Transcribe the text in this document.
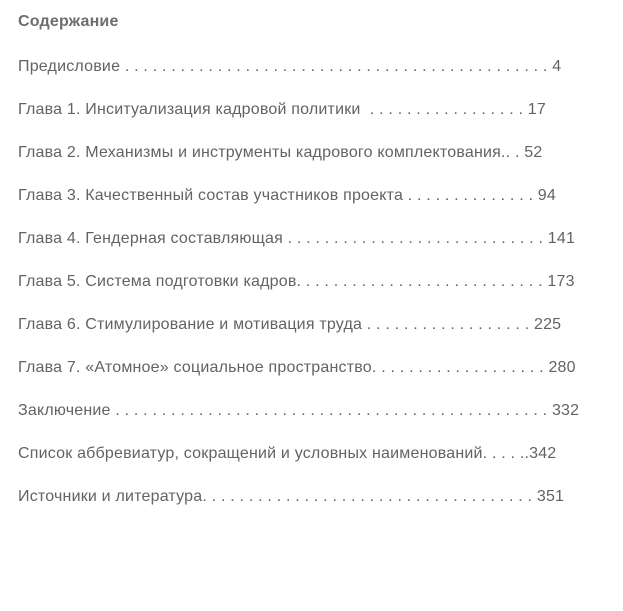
Содержание
Предисловие . . . . . . . . . . . . . . . . . . . . . . . . . . . . . . . . . . . . . . . . . . . . . . 4
Глава 1. Инситуализация кадровой политики  . . . . . . . . . . . . . . . . . 17
Глава 2. Механизмы и инструменты кадрового комплектования.. . 52
Глава 3. Качественный состав участников проекта . . . . . . . . . . . . . . 94
Глава 4. Гендерная составляющая . . . . . . . . . . . . . . . . . . . . . . . . . . . . 141
Глава 5. Система подготовки кадров. . . . . . . . . . . . . . . . . . . . . . . . . . . 173
Глава 6. Стимулирование и мотивация труда . . . . . . . . . . . . . . . . . . 225
Глава 7. «Атомное» социальное пространство. . . . . . . . . . . . . . . . . . . 280
Заключение . . . . . . . . . . . . . . . . . . . . . . . . . . . . . . . . . . . . . . . . . . . . . . . 332
Список аббревиатур, сокращений и условных наименований. . . . ..342
Источники и литература. . . . . . . . . . . . . . . . . . . . . . . . . . . . . . . . . . . . 351
